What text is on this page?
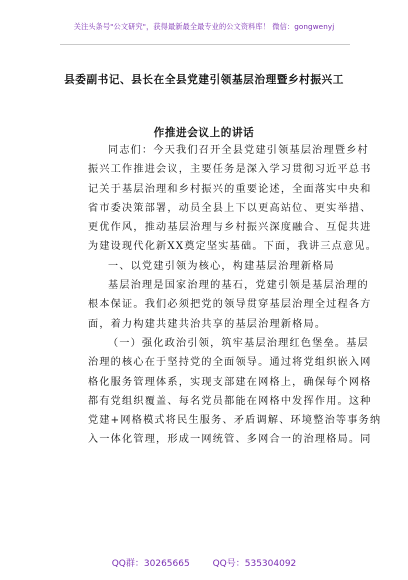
关注头条号"公文研究"，获得最新最全最专业的公文资料库！ 微信：gongwenyj
县委副书记、县长在全县党建引领基层治理暨乡村振兴工
作推进会议上的讲话
同志们：今天我们召开全县党建引领基层治理暨乡村
振兴工作推进会议，主要任务是深入学习贯彻习近平总书
记关于基层治理和乡村振兴的重要论述，全面落实中央和
省市委决策部署，动员全县上下以更高站位、更实举措、
更优作风，推动基层治理与乡村振兴深度融合、互促共进
为建设现代化新XX奠定坚实基础。下面，我讲三点意见。
一、以党建引领为核心，构建基层治理新格局
基层治理是国家治理的基石，党建引领是基层治理的
根本保证。我们必须把党的领导贯穿基层治理全过程各方
面，着力构建共建共治共享的基层治理新格局。
（一）强化政治引领，筑牢基层治理红色堡垒。基层
治理的核心在于坚持党的全面领导。通过将党组织嵌入网
格化服务管理体系，实现支部建在网格上，确保每个网格
都有党组织覆盖、每名党员都能在网格中发挥作用。这种
党建+网格模式将民生服务、矛盾调解、环境整治等事务纳
入一体化管理，形成一网统管、多网合一的治理格局。同
QQ群：30265665	QQ号：535304092
